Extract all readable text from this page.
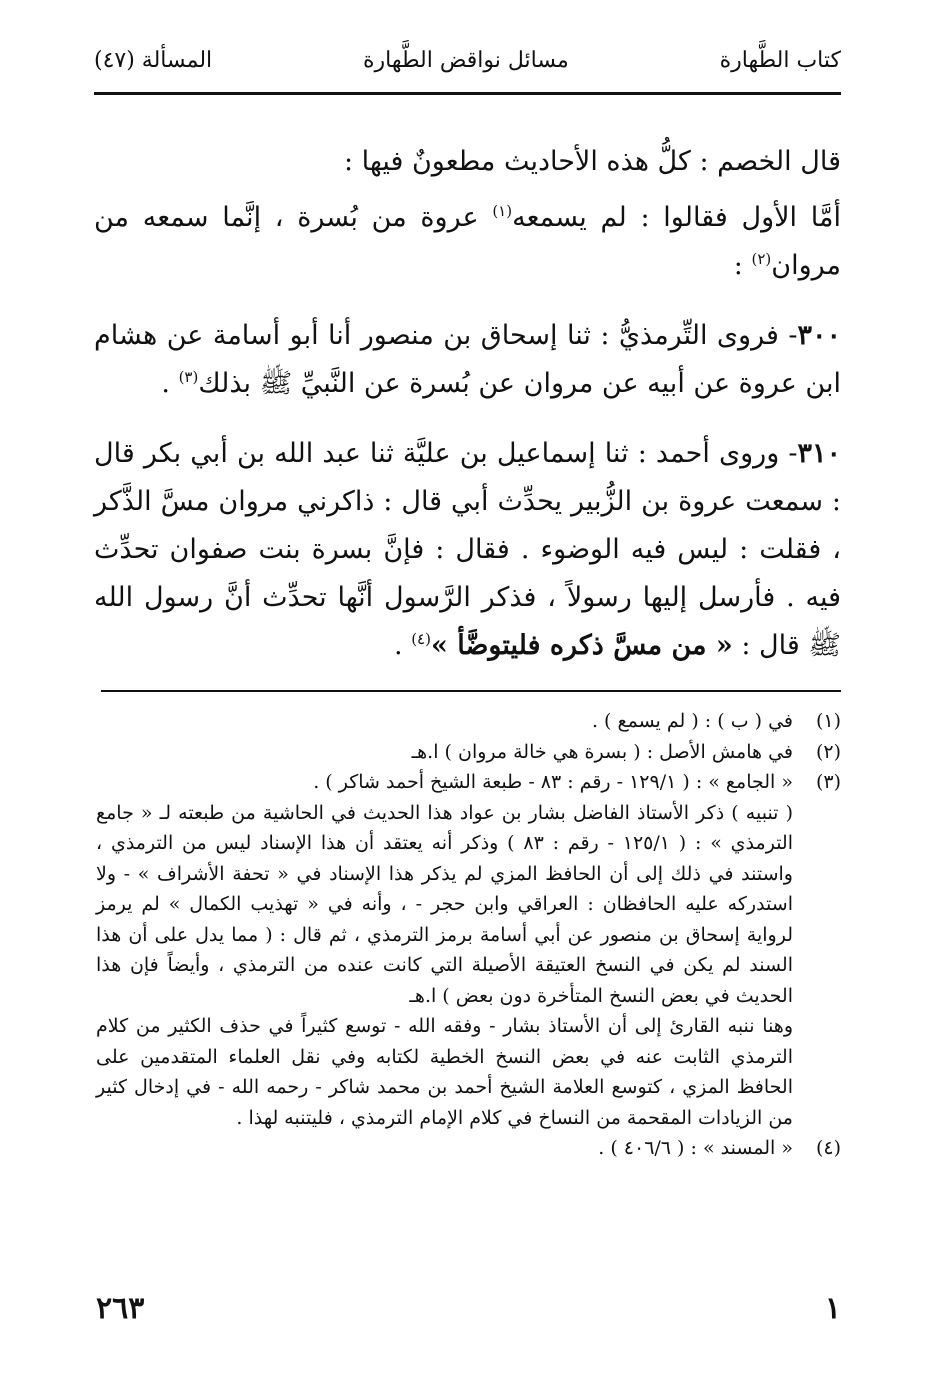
كتاب الطَّهارة
مسائل نواقض الطَّهارة
المسألة (٤٧)

قال الخصم : كلُّ هذه الأحاديث مطعونٌ فيها :

أمَّا الأول فقالوا : لم يسمعه$^{(١)}$ عروة من بُسرة ، إنَّما سمعه من مروان$^{(٢)}$ :

٣٠٠- فروى التِّرمذيُّ : ثنا إسحاق بن منصور أنا أبو أسامة عن هشام ابن عروة عن أبيه عن مروان عن بُسرة عن النَّبيِّ ﷺ بذلك$^{(٣)}$ .

٣١٠- وروى أحمد : ثنا إسماعيل بن عليَّة ثنا عبد الله بن أبي بكر قال : سمعت عروة بن الزُّبير يحدِّث أبي قال : ذاكرني مروان مسَّ الذَّكر ، فقلت : ليس فيه الوضوء . فقال : فإنَّ بسرة بنت صفوان تحدِّث فيه . فأرسل إليها رسولاً ، فذكر الرَّسول أنَّها تحدِّث أنَّ رسول الله ﷺ قال : « من مسَّ ذكره فليتوضَّأ »$^{(٤)}$ .

(١)
في ( ب ) : ( لم يسمع ) .
(٢)
في هامش الأصل : ( بسرة هي خالة مروان ) ا.هـ
(٣)
« الجامع » : ( ١٢٩/١ - رقم : ٨٣ - طبعة الشيخ أحمد شاكر ) .
( تنبيه ) ذكر الأستاذ الفاضل بشار بن عواد هذا الحديث في الحاشية من طبعته لـ « جامع الترمذي » : ( ١٢٥/١ - رقم : ٨٣ ) وذكر أنه يعتقد أن هذا الإسناد ليس من الترمذي ، واستند في ذلك إلى أن الحافظ المزي لم يذكر هذا الإسناد في « تحفة الأشراف » - ولا استدركه عليه الحافظان : العراقي وابن حجر - ، وأنه في « تهذيب الكمال » لم يرمز لرواية إسحاق بن منصور عن أبي أسامة برمز الترمذي ، ثم قال : ( مما يدل على أن هذا السند لم يكن في النسخ العتيقة الأصيلة التي كانت عنده من الترمذي ، وأيضاً فإن هذا الحديث في بعض النسخ المتأخرة دون بعض ) ا.هـ
وهنا ننبه القارئ إلى أن الأستاذ بشار - وفقه الله - توسع كثيراً في حذف الكثير من كلام الترمذي الثابت عنه في بعض النسخ الخطية لكتابه وفي نقل العلماء المتقدمين على الحافظ المزي ، كتوسع العلامة الشيخ أحمد بن محمد شاكر - رحمه الله - في إدخال كثير من الزيادات المقحمة من النساخ في كلام الإمام الترمذي ، فليتنبه لهذا .
(٤)
« المسند » : ( ٤٠٦/٦ ) .
١
٢٦٣
